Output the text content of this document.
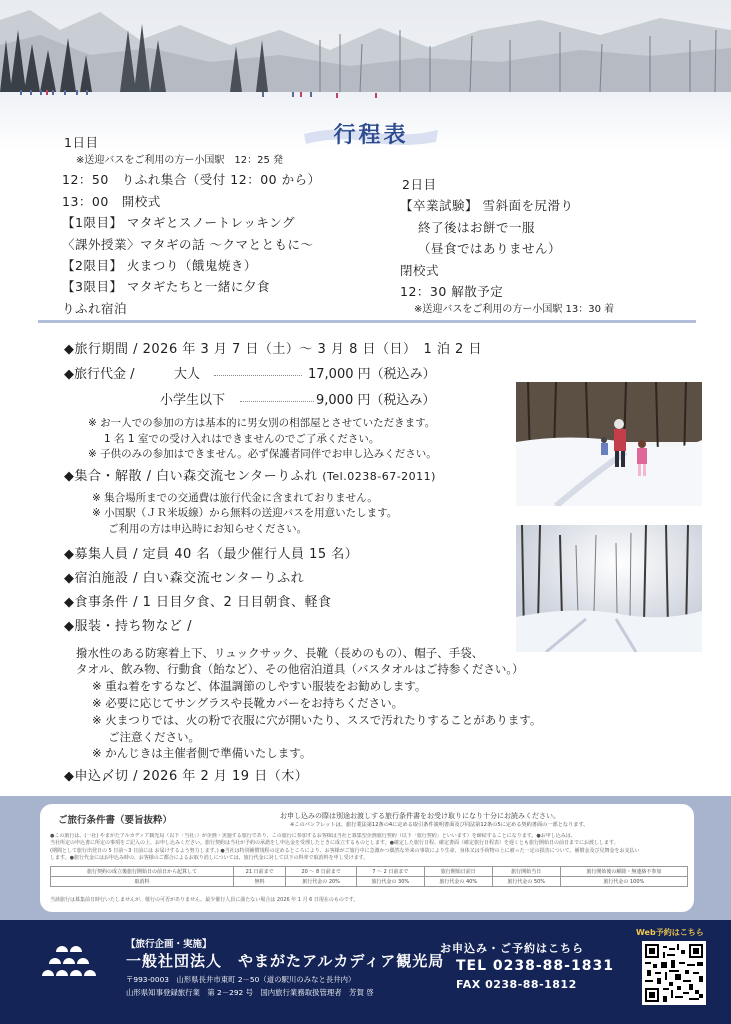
行程表
1日目
※送迎バスをご利用の方ー小国駅　12：25 発
12：50　りふれ集合（受付 12：00 から）
13：00　開校式
【1限目】 マタギとスノートレッキング
〈課外授業〉マタギの話 ～クマとともに～
【2限目】 火まつり（餓鬼焼き）
【3限目】 マタギたちと一緒に夕食
りふれ宿泊
2日目
【卒業試験】 雪斜面を尻滑り
終了後はお餅で一服
（昼食ではありません）
閉校式
12：30 解散予定
※送迎バスをご利用の方ー小国駅 13：30 着
◆旅行期間 / 2026 年 3 月 7 日（土）～ 3 月 8 日（日）　1 泊 2 日
◆旅行代金 /	大人	17,000 円（税込み）
小学生以下	9,000 円（税込み）
※ お一人での参加の方は基本的に男女別の相部屋とさせていただきます。
1 名 1 室での受け入れはできませんのでご了承ください。
※ 子供のみの参加はできません。必ず保護者同伴でお申し込みください。
◆集合・解散 / 白い森交流センターりふれ (Tel.0238-67-2011)
※ 集合場所までの交通費は旅行代金に含まれておりません。
※ 小国駅（ＪＲ米坂線）から無料の送迎バスを用意いたします。
ご利用の方は申込時にお知らせください。
◆募集人員 / 定員 40 名（最少催行人員 15 名）
◆宿泊施設 / 白い森交流センターりふれ
◆食事条件 / 1 日目夕食、2 日目朝食、軽食
◆服装・持ち物など /
撥水性のある防寒着上下、リュックサック、長靴（長めのもの）、帽子、手袋、
タオル、飲み物、行動食（飴など）、その他宿泊道具（バスタオルはご持参ください。）
※ 重ね着をするなど、体温調節のしやすい服装をお勧めします。
※ 必要に応じてサングラスや長靴カバーをお持ちください。
※ 火まつりでは、火の粉で衣服に穴が開いたり、ススで汚れたりすることがあります。
ご注意ください。
※ かんじきは主催者側で準備いたします。
◆申込〆切 / 2026 年 2 月 19 日（木）
ご旅行条件書（要旨抜粋）	お申し込みの際は別途お渡しする旅行条件書をお受け取りになり十分にお読みください。
※このパンフレットは、旅行業法第12条の4に定める取引条件説明書面及び同法第12条の5に定める契約書面の一部となります。
●この旅行は、(一社) やまがたアルカディア観光局（以下「当社」）が企画・実施する旅行であり、この旅行に参加するお客様は当社と募集型企画旅行契約（以下「旅行契約」といいます）を締結することになります。●お申し込みは、
当社所定の申込書に所定の事項をご記入の上、お申し込みください。旅行契約は当社が予約の承諾をし申込金を受理したときに成立するものとします。●確定した旅行日程、確定書面（確定旅行日程表）を遅くとも旅行開始日の前日までにお渡しします。
(期間として旅行出発日の 5 日前～3 日前には お届けするよう努力します。) ●当社は特別補償規程の定めるところにより、お客様がご旅行中に急激かつ偶然な外来の事故により生命、身体又は手荷物の上に被った一定の損害について、補償金及び見舞金をお支払い
します。●旅行代金にはお申込み時の、お客様のご都合によるお取り消しについては、旅行代金に対して以下の料率で取消料を申し受けます。
旅行契約の成立後旅行開始日の前日から起算して	21 日前まで	20 ～ 8 日前まで	7 ～ 2 日前まで	旅行開始日前日	旅行開始当日	旅行開始後の解除・無連絡不参加
取消料	無料	旅行代金の 20%	旅行代金の 30%	旅行代金の 40%	旅行代金の 50%	旅行代金の 100%
当該旅行は募集前日時行いたしませんが、催行の可否がありません。最少催行人員に満たない場合は 2026 年 1 月 6 日現在のものです。
【旅行企画・実施】
一般社団法人　やまがたアルカディア観光局
〒993-0003　山形県長井市東町 2－50（道の駅川のみなと長井内）
山形県知事登録旅行業　第 2－292 号　国内旅行業務取扱管理者　芳賀 啓
お申込み・ご予約はこちら
TEL 0238-88-1831
FAX 0238-88-1812
Web予約はこちら
